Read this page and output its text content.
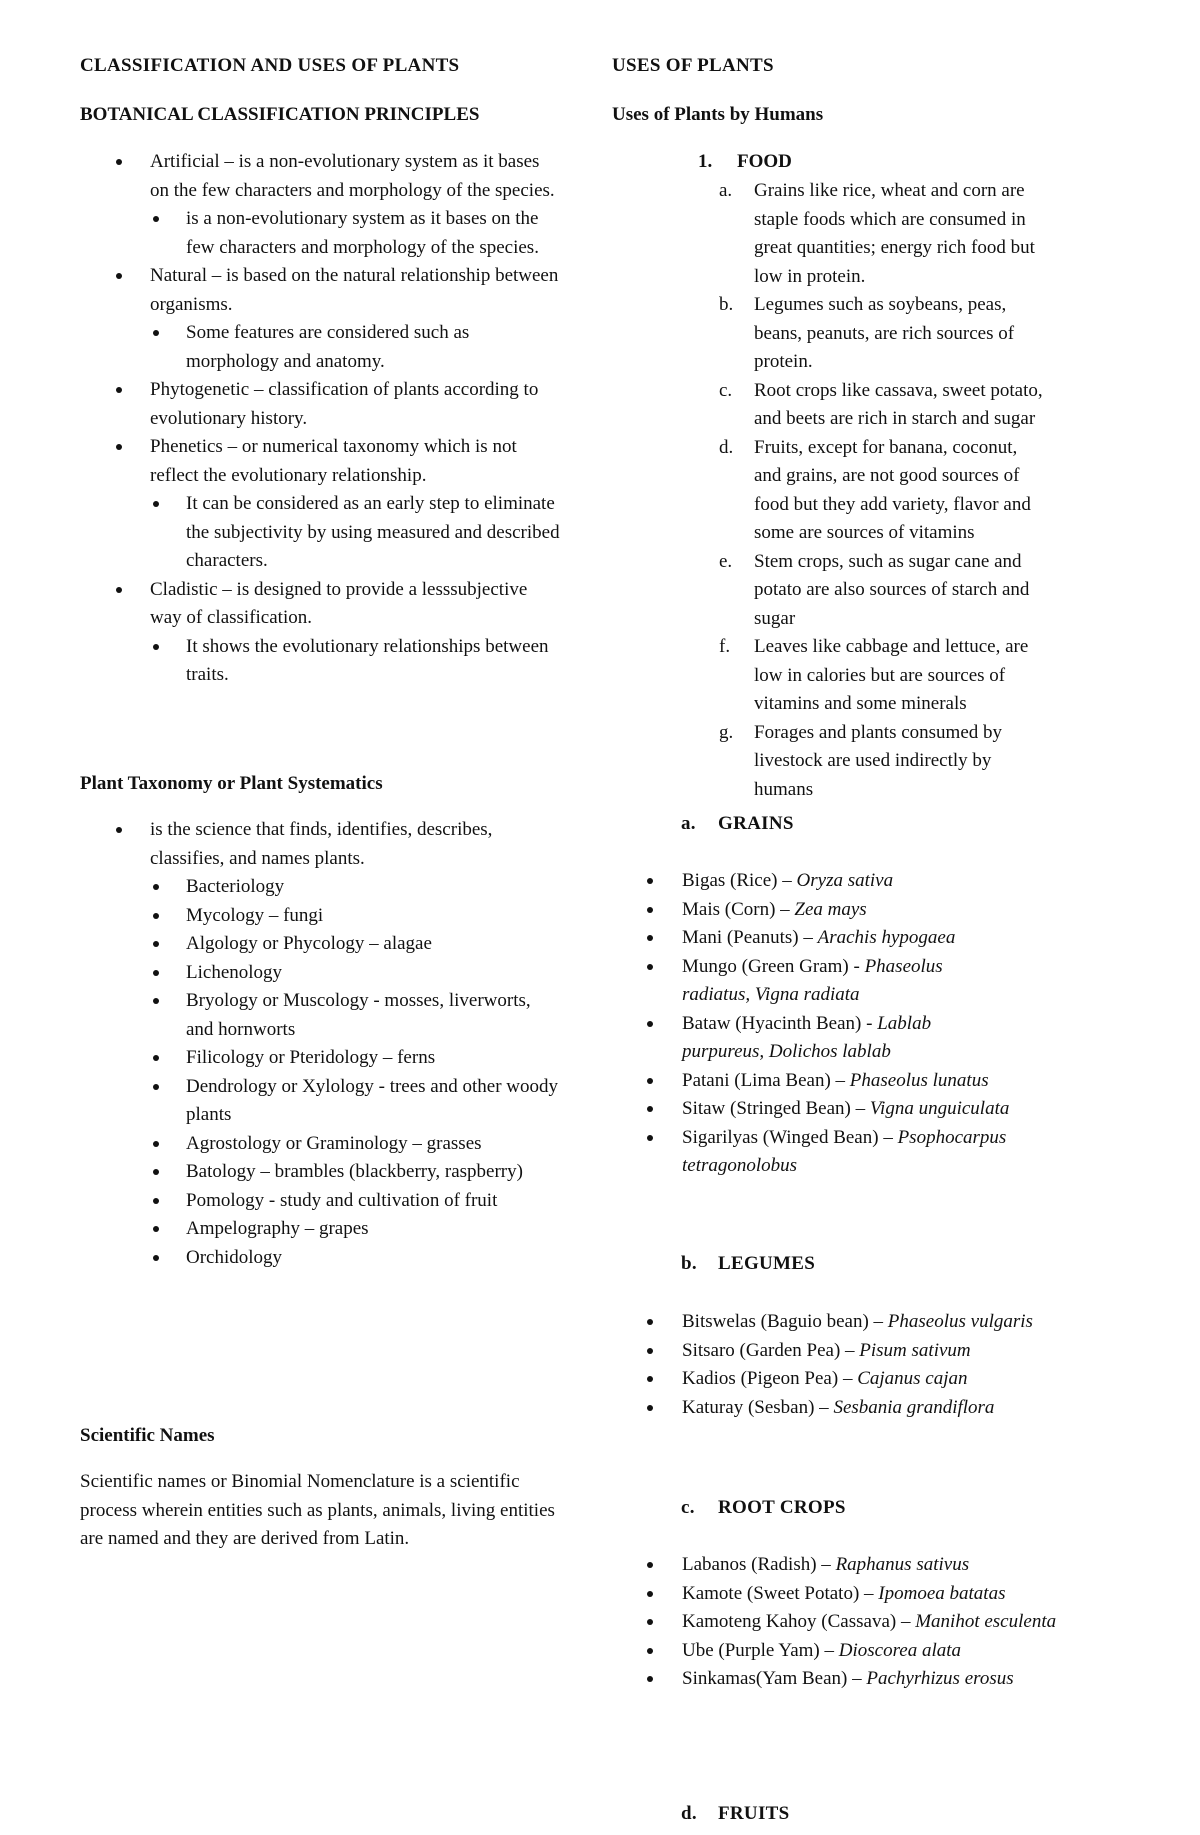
CLASSIFICATION AND USES OF PLANTS
BOTANICAL CLASSIFICATION PRINCIPLES
Artificial – is a non-evolutionary system as it bases on the few characters and morphology of the species.
is a non-evolutionary system as it bases on the few characters and morphology of the species.
Natural – is based on the natural relationship between organisms.
Some features are considered such as morphology and anatomy.
Phytogenetic – classification of plants according to evolutionary history.
Phenetics – or numerical taxonomy which is not reflect the evolutionary relationship.
It can be considered as an early step to eliminate the subjectivity by using measured and described characters.
Cladistic – is designed to provide a lesssubjective way of classification.
It shows the evolutionary relationships between traits.
Plant Taxonomy or Plant Systematics
is the science that finds, identifies, describes, classifies, and names plants.
Bacteriology
Mycology – fungi
Algology or Phycology – alagae
Lichenology
Bryology or Muscology - mosses, liverworts, and hornworts
Filicology or Pteridology – ferns
Dendrology or Xylology - trees and other woody plants
Agrostology or Graminology – grasses
Batology – brambles (blackberry, raspberry)
Pomology - study and cultivation of fruit
Ampelography – grapes
Orchidology
Scientific Names
Scientific names or Binomial Nomenclature is a scientific process wherein entities such as plants, animals, living entities are named and they are derived from Latin.
USES OF PLANTS
Uses of Plants by Humans
1. FOOD
a. Grains like rice, wheat and corn are staple foods which are consumed in great quantities; energy rich food but low in protein.
b. Legumes such as soybeans, peas, beans, peanuts, are rich sources of protein.
c. Root crops like cassava, sweet potato, and beets are rich in starch and sugar
d. Fruits, except for banana, coconut, and grains, are not good sources of food but they add variety, flavor and some are sources of vitamins
e. Stem crops, such as sugar cane and potato are also sources of starch and sugar
f. Leaves like cabbage and lettuce, are low in calories but are sources of vitamins and some minerals
g. Forages and plants consumed by livestock are used indirectly by humans
a. GRAINS
Bigas (Rice) – Oryza sativa
Mais (Corn) – Zea mays
Mani (Peanuts) – Arachis hypogaea
Mungo (Green Gram) - Phaseolus radiatus, Vigna radiata
Bataw (Hyacinth Bean) - Lablab purpureus, Dolichos lablab
Patani (Lima Bean) – Phaseolus lunatus
Sitaw (Stringed Bean) – Vigna unguiculata
Sigarilyas (Winged Bean) – Psophocarpus tetragonolobus
b. LEGUMES
Bitswelas (Baguio bean) – Phaseolus vulgaris
Sitsaro (Garden Pea) – Pisum sativum
Kadios (Pigeon Pea) – Cajanus cajan
Katuray (Sesban) – Sesbania grandiflora
c. ROOT CROPS
Labanos (Radish) – Raphanus sativus
Kamote (Sweet Potato) – Ipomoea batatas
Kamoteng Kahoy (Cassava) – Manihot esculenta
Ube (Purple Yam) – Dioscorea alata
Sinkamas(Yam Bean) – Pachyrhizus erosus
d. FRUITS
